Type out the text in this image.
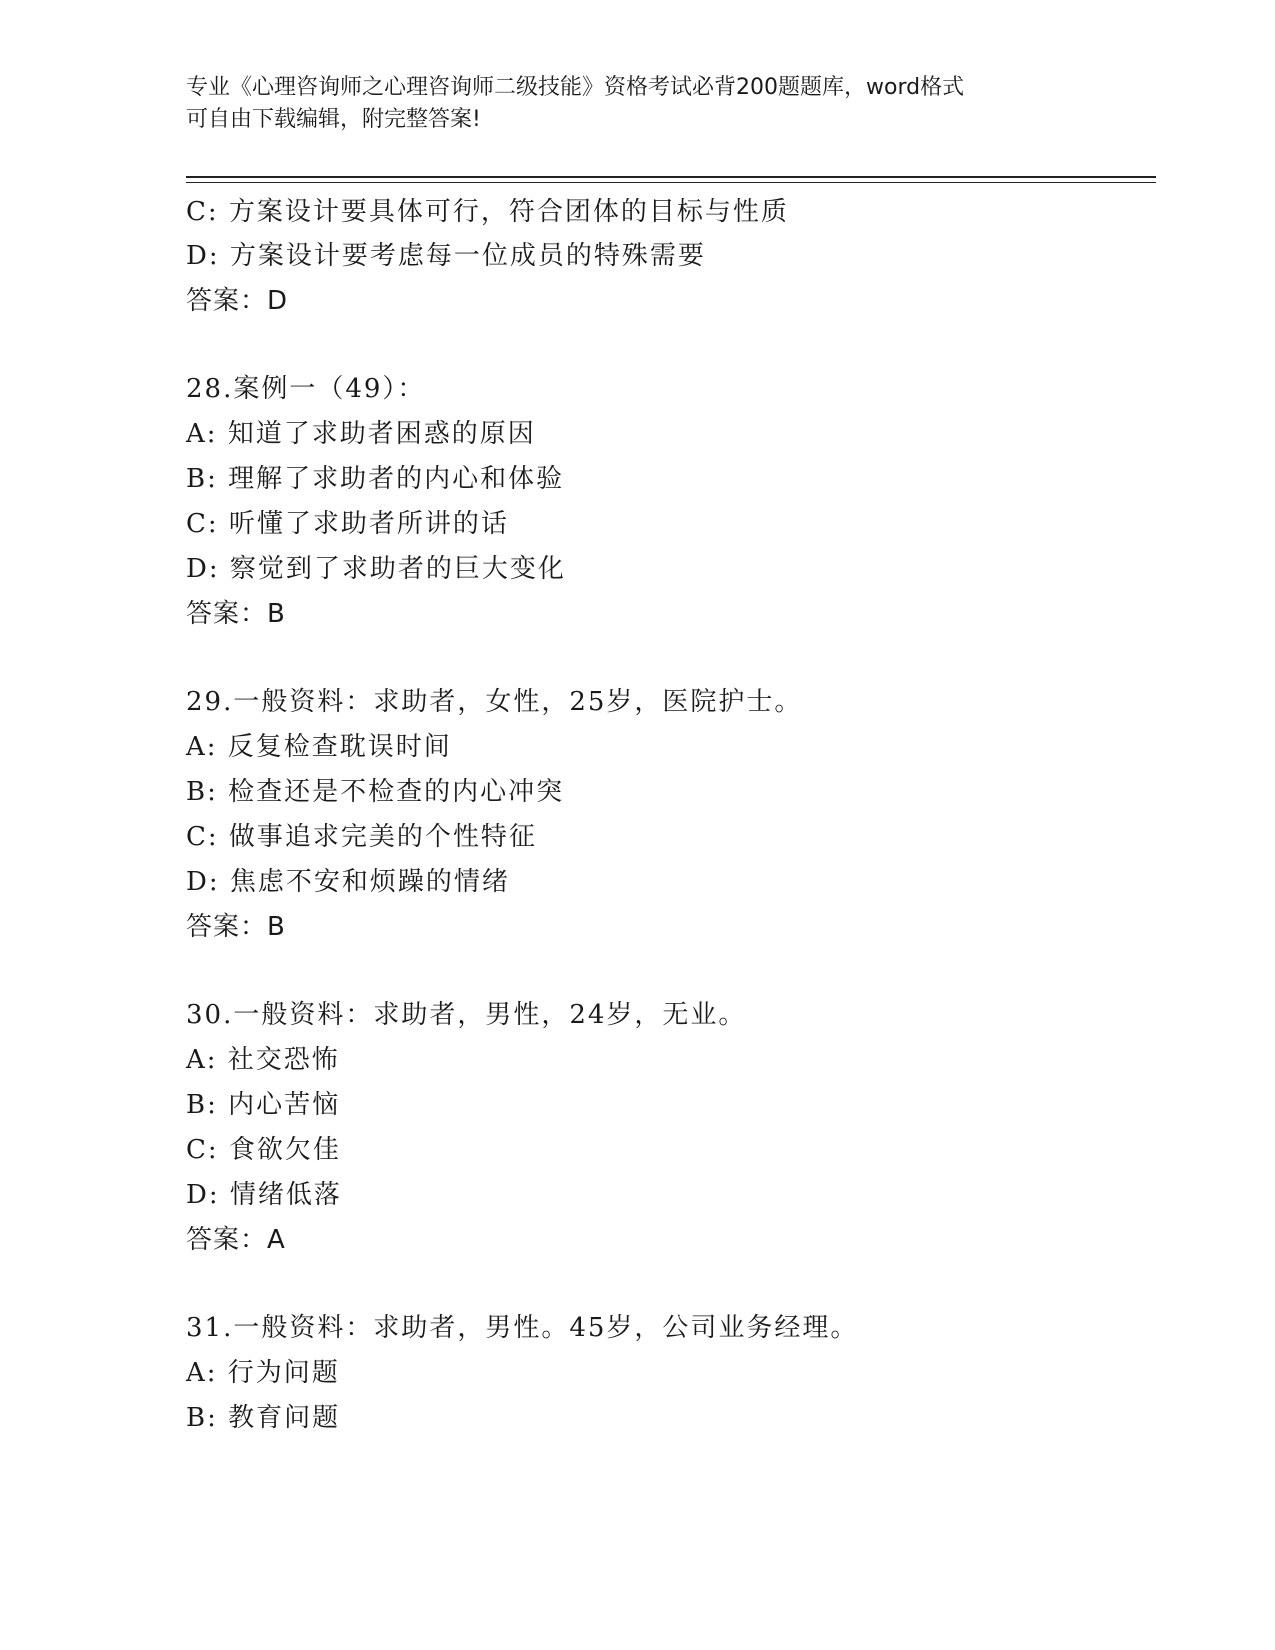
专业《心理咨询师之心理咨询师二级技能》资格考试必背200题题库，word格式
可自由下载编辑，附完整答案!
C: 方案设计要具体可行，符合团体的目标与性质
D: 方案设计要考虑每一位成员的特殊需要
答案：D
28.案例一（49）：
A: 知道了求助者困惑的原因
B: 理解了求助者的内心和体验
C: 听懂了求助者所讲的话
D: 察觉到了求助者的巨大变化
答案：B
29.一般资料：求助者，女性，25岁，医院护士。
A: 反复检查耽误时间
B: 检查还是不检查的内心冲突
C: 做事追求完美的个性特征
D: 焦虑不安和烦躁的情绪
答案：B
30.一般资料：求助者，男性，24岁，无业。
A: 社交恐怖
B: 内心苦恼
C: 食欲欠佳
D: 情绪低落
答案：A
31.一般资料：求助者，男性。45岁，公司业务经理。
A: 行为问题
B: 教育问题
